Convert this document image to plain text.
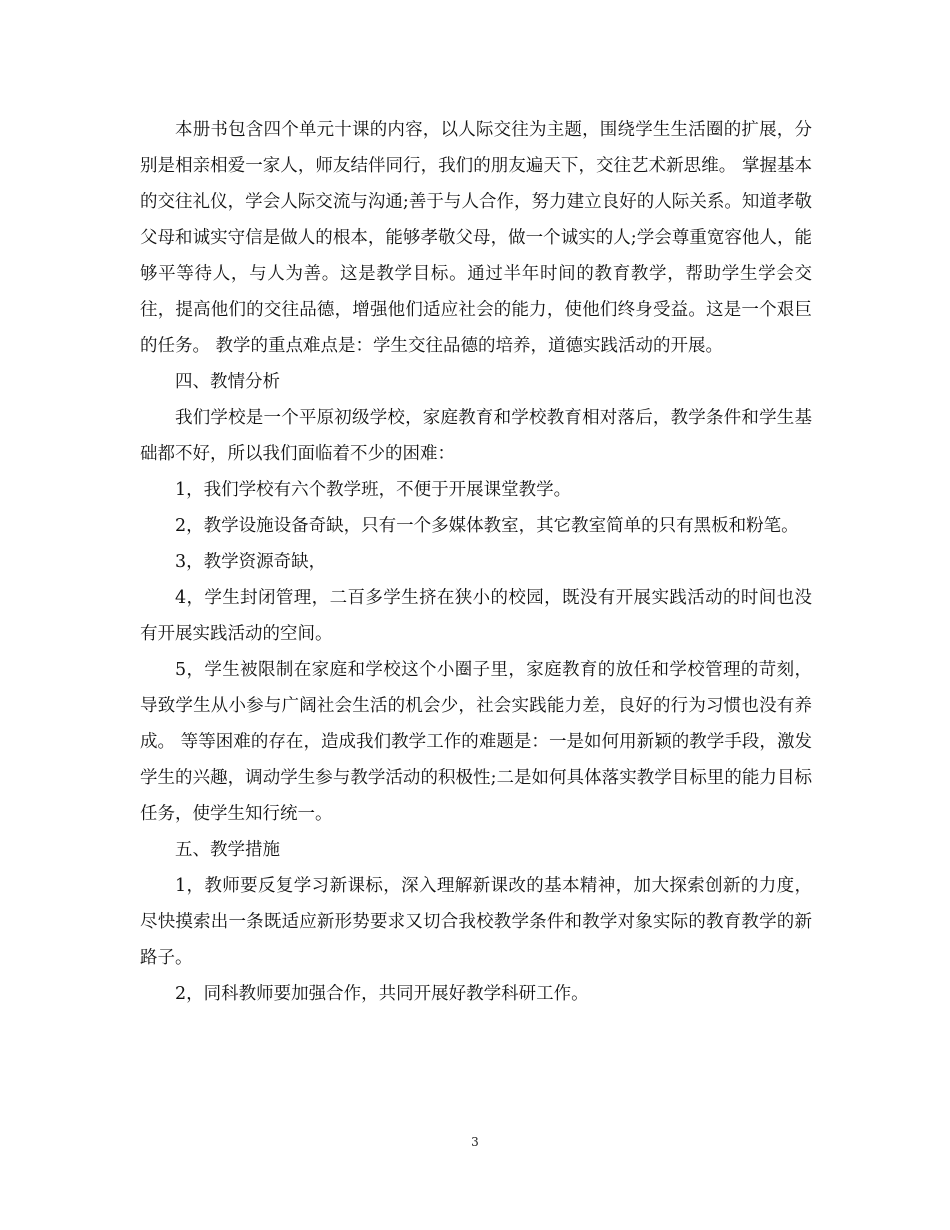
本册书包含四个单元十课的内容，以人际交往为主题，围绕学生生活圈的扩展，分别是相亲相爱一家人，师友结伴同行，我们的朋友遍天下，交往艺术新思维。 掌握基本的交往礼仪，学会人际交流与沟通;善于与人合作，努力建立良好的人际关系。知道孝敬父母和诚实守信是做人的根本，能够孝敬父母，做一个诚实的人;学会尊重宽容他人，能够平等待人，与人为善。这是教学目标。通过半年时间的教育教学，帮助学生学会交往，提高他们的交往品德，增强他们适应社会的能力，使他们终身受益。这是一个艰巨的任务。 教学的重点难点是：学生交往品德的培养，道德实践活动的开展。

四、教情分析

我们学校是一个平原初级学校，家庭教育和学校教育相对落后，教学条件和学生基础都不好，所以我们面临着不少的困难：

1，我们学校有六个教学班，不便于开展课堂教学。

2，教学设施设备奇缺，只有一个多媒体教室，其它教室简单的只有黑板和粉笔。

3，教学资源奇缺，

4，学生封闭管理，二百多学生挤在狭小的校园，既没有开展实践活动的时间也没有开展实践活动的空间。

5，学生被限制在家庭和学校这个小圈子里，家庭教育的放任和学校管理的苛刻，导致学生从小参与广阔社会生活的机会少，社会实践能力差，良好的行为习惯也没有养成。 等等困难的存在，造成我们教学工作的难题是：一是如何用新颖的教学手段，激发学生的兴趣，调动学生参与教学活动的积极性;二是如何具体落实教学目标里的能力目标任务，使学生知行统一。

五、教学措施

1，教师要反复学习新课标，深入理解新课改的基本精神，加大探索创新的力度，尽快摸索出一条既适应新形势要求又切合我校教学条件和教学对象实际的教育教学的新路子。

2，同科教师要加强合作，共同开展好教学科研工作。

3
